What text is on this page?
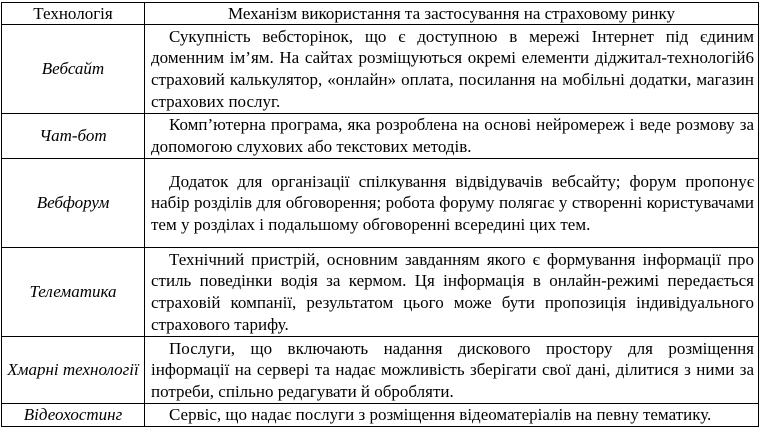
Технологія	Механізм використання та застосування на страховому ринку
Вебсайт	Сукупність вебсторінок, що є доступною в мережі Інтернет під єдиним доменним ім’ям. На сайтах розміщуються окремі елементи діджитал-технологій6 страховий калькулятор, «онлайн» оплата, посилання на мобільні додатки, магазин страхових послуг.

Чат-бот	Комп’ютерна програма, яка розроблена на основі нейромереж і веде розмову за допомогою слухових або текстових методів.

Вебфорум	Додаток для організації спілкування відвідувачів вебсайту; форум пропонує набір розділів для обговорення; робота форуму полягає у створенні користувачами тем у розділах і подальшому обговоренні всередині цих тем.

Телематика	Технічний пристрій, основним завданням якого є формування інформації про стиль поведінки водія за кермом. Ця інформація в онлайн-режимі передається страховій компанії, результатом цього може бути пропозиція індивідуального страхового тарифу.

Хмарні технології	Послуги, що включають надання дискового простору для розміщення інформації на сервері та надає можливість зберігати свої дані, ділитися з ними за потреби, спільно редагувати й обробляти.

Відеохостинг	Сервіс, що надає послуги з розміщення відеоматеріалів на певну тематику.
